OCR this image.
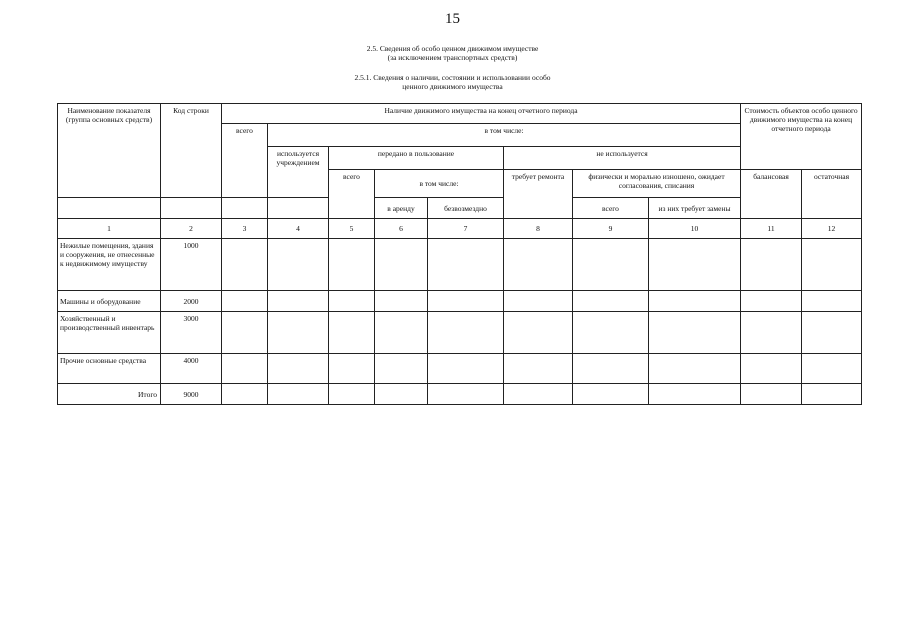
15
2.5. Сведения об особо ценном движимом имуществе
(за исключением транспортных средств)
2.5.1. Сведения о наличии, состоянии и использовании особо
ценного движимого имущества
Наименование показателя (группа основных средств)	Код строки	Наличие движимого имущества на конец отчетного периода								Стоимость объектов особо ценного движимого имущества на конец отчетного периода	
		всего	в том числе:								
			используется учреждением	передано в пользование			не используется				
				всего	в том числе:		требует ремонта	физически и морально изношено, ожидает согласования, списания		балансовая	остаточная
					в аренду	безвозмездно		всего	из них требует замены		
1	2	3	4	5	6	7	8	9	10	11	12
Нежилые помещения, здания и сооружения, не отнесенные к недвижимому имуществу	1000										
Машины и оборудование	2000										
Хозяйственный и производственный инвентарь	3000										
Прочие основные средства	4000										
Итого	9000										
